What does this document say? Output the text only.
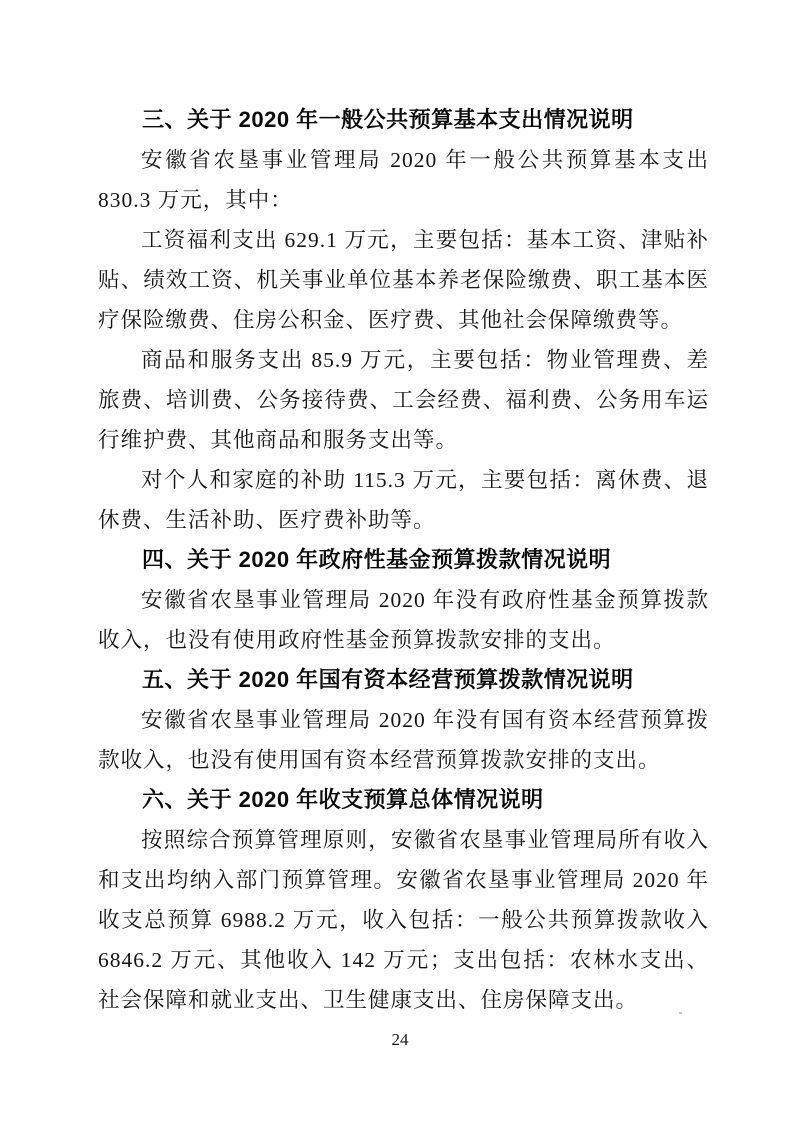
三、关于 2020 年一般公共预算基本支出情况说明

安徽省农垦事业管理局 2020 年一般公共预算基本支出 830.3 万元，其中：

工资福利支出 629.1 万元，主要包括：基本工资、津贴补贴、绩效工资、机关事业单位基本养老保险缴费、职工基本医疗保险缴费、住房公积金、医疗费、其他社会保障缴费等。

商品和服务支出 85.9 万元，主要包括：物业管理费、差旅费、培训费、公务接待费、工会经费、福利费、公务用车运行维护费、其他商品和服务支出等。

对个人和家庭的补助 115.3 万元，主要包括：离休费、退休费、生活补助、医疗费补助等。

四、关于 2020 年政府性基金预算拨款情况说明

安徽省农垦事业管理局 2020 年没有政府性基金预算拨款收入，也没有使用政府性基金预算拨款安排的支出。

五、关于 2020 年国有资本经营预算拨款情况说明

安徽省农垦事业管理局 2020 年没有国有资本经营预算拨款收入，也没有使用国有资本经营预算拨款安排的支出。

六、关于 2020 年收支预算总体情况说明

按照综合预算管理原则，安徽省农垦事业管理局所有收入和支出均纳入部门预算管理。安徽省农垦事业管理局 2020 年收支总预算 6988.2 万元，收入包括：一般公共预算拨款收入 6846.2 万元、其他收入 142 万元；支出包括：农林水支出、社会保障和就业支出、卫生健康支出、住房保障支出。

24
